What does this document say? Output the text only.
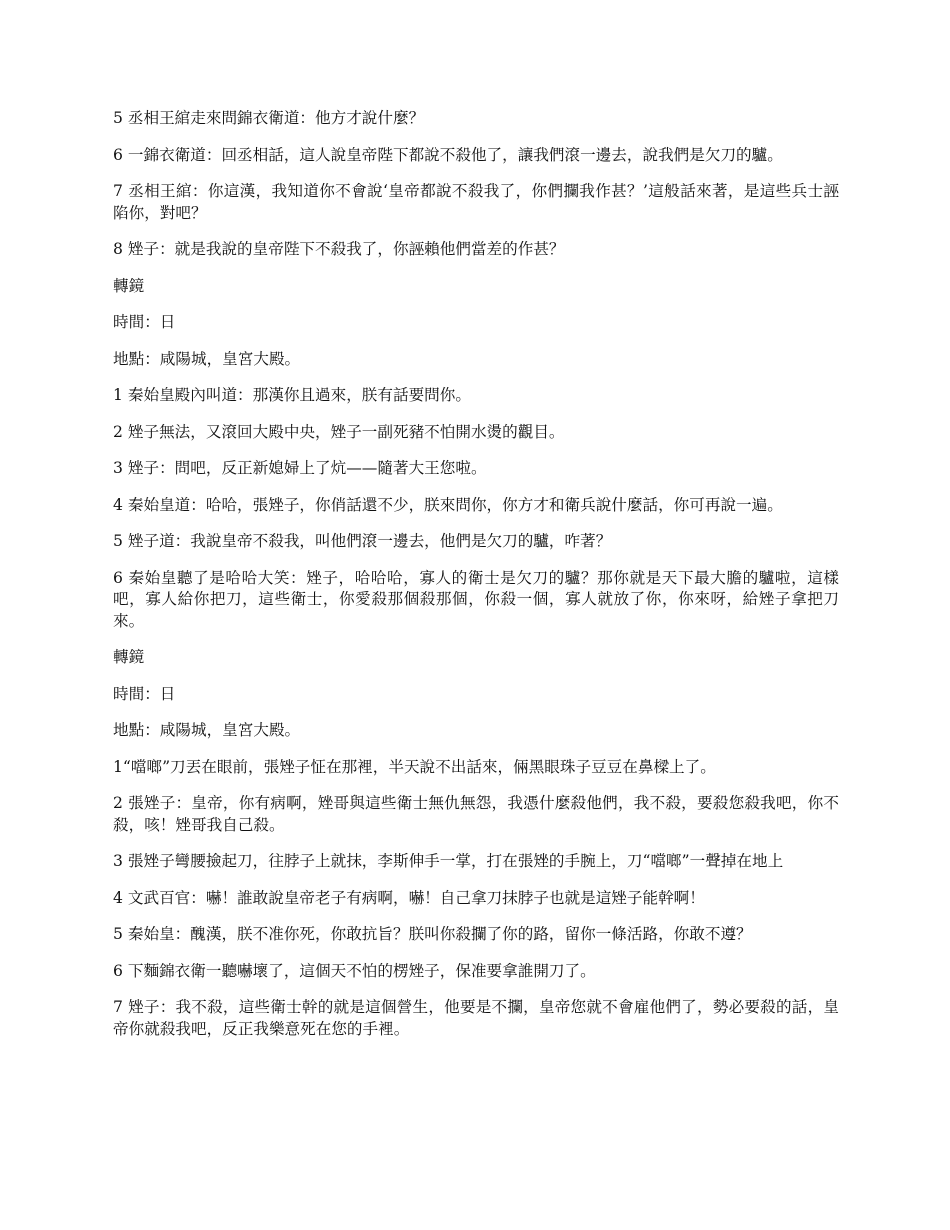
5 丞相王綰走來問錦衣衛道：他方才說什麼？

6 一錦衣衛道：回丞相話，這人說皇帝陛下都說不殺他了，讓我們滾一邊去，說我們是欠刀的驢。

7 丞相王綰：你這漢，我知道你不會說‘皇帝都說不殺我了，你們攔我作甚？’這般話來著，是這些兵士誣陷你，對吧？

8 矬子：就是我說的皇帝陛下不殺我了，你誣賴他們當差的作甚？

轉鏡

時間：日

地點：咸陽城，皇宮大殿。

1 秦始皇殿內叫道：那漢你且過來，朕有話要問你。

2 矬子無法，又滾回大殿中央，矬子一副死豬不怕開水燙的觀目。

3 矬子：問吧，反正新媳婦上了炕——隨著大王您啦。

4 秦始皇道：哈哈，張矬子，你俏話還不少，朕來問你，你方才和衛兵說什麼話，你可再說一遍。

5 矬子道：我說皇帝不殺我，叫他們滾一邊去，他們是欠刀的驢，咋著？

6 秦始皇聽了是哈哈大笑：矬子，哈哈哈，寡人的衛士是欠刀的驢？那你就是天下最大膽的驢啦，這樣吧，寡人給你把刀，這些衛士，你愛殺那個殺那個，你殺一個，寡人就放了你，你來呀，給矬子拿把刀來。

轉鏡

時間：日

地點：咸陽城，皇宮大殿。

1“噹啷”刀丟在眼前，張矬子怔在那裡，半天說不出話來，倆黑眼珠子豆豆在鼻樑上了。

2 張矬子：皇帝，你有病啊，矬哥與這些衛士無仇無怨，我憑什麼殺他們，我不殺，要殺您殺我吧，你不殺，咳！矬哥我自己殺。

3 張矬子彎腰撿起刀，往脖子上就抹，李斯伸手一掌，打在張矬的手腕上，刀“噹啷”一聲掉在地上

4 文武百官：嚇！誰敢說皇帝老子有病啊，嚇！自己拿刀抹脖子也就是這矬子能幹啊！

5 秦始皇：醜漢，朕不准你死，你敢抗旨？朕叫你殺攔了你的路，留你一條活路，你敢不遵？

6 下麵錦衣衛一聽嚇壞了，這個天不怕的楞矬子，保准要拿誰開刀了。

7 矬子：我不殺，這些衛士幹的就是這個營生，他要是不攔，皇帝您就不會雇他們了，勢必要殺的話，皇帝你就殺我吧，反正我樂意死在您的手裡。
